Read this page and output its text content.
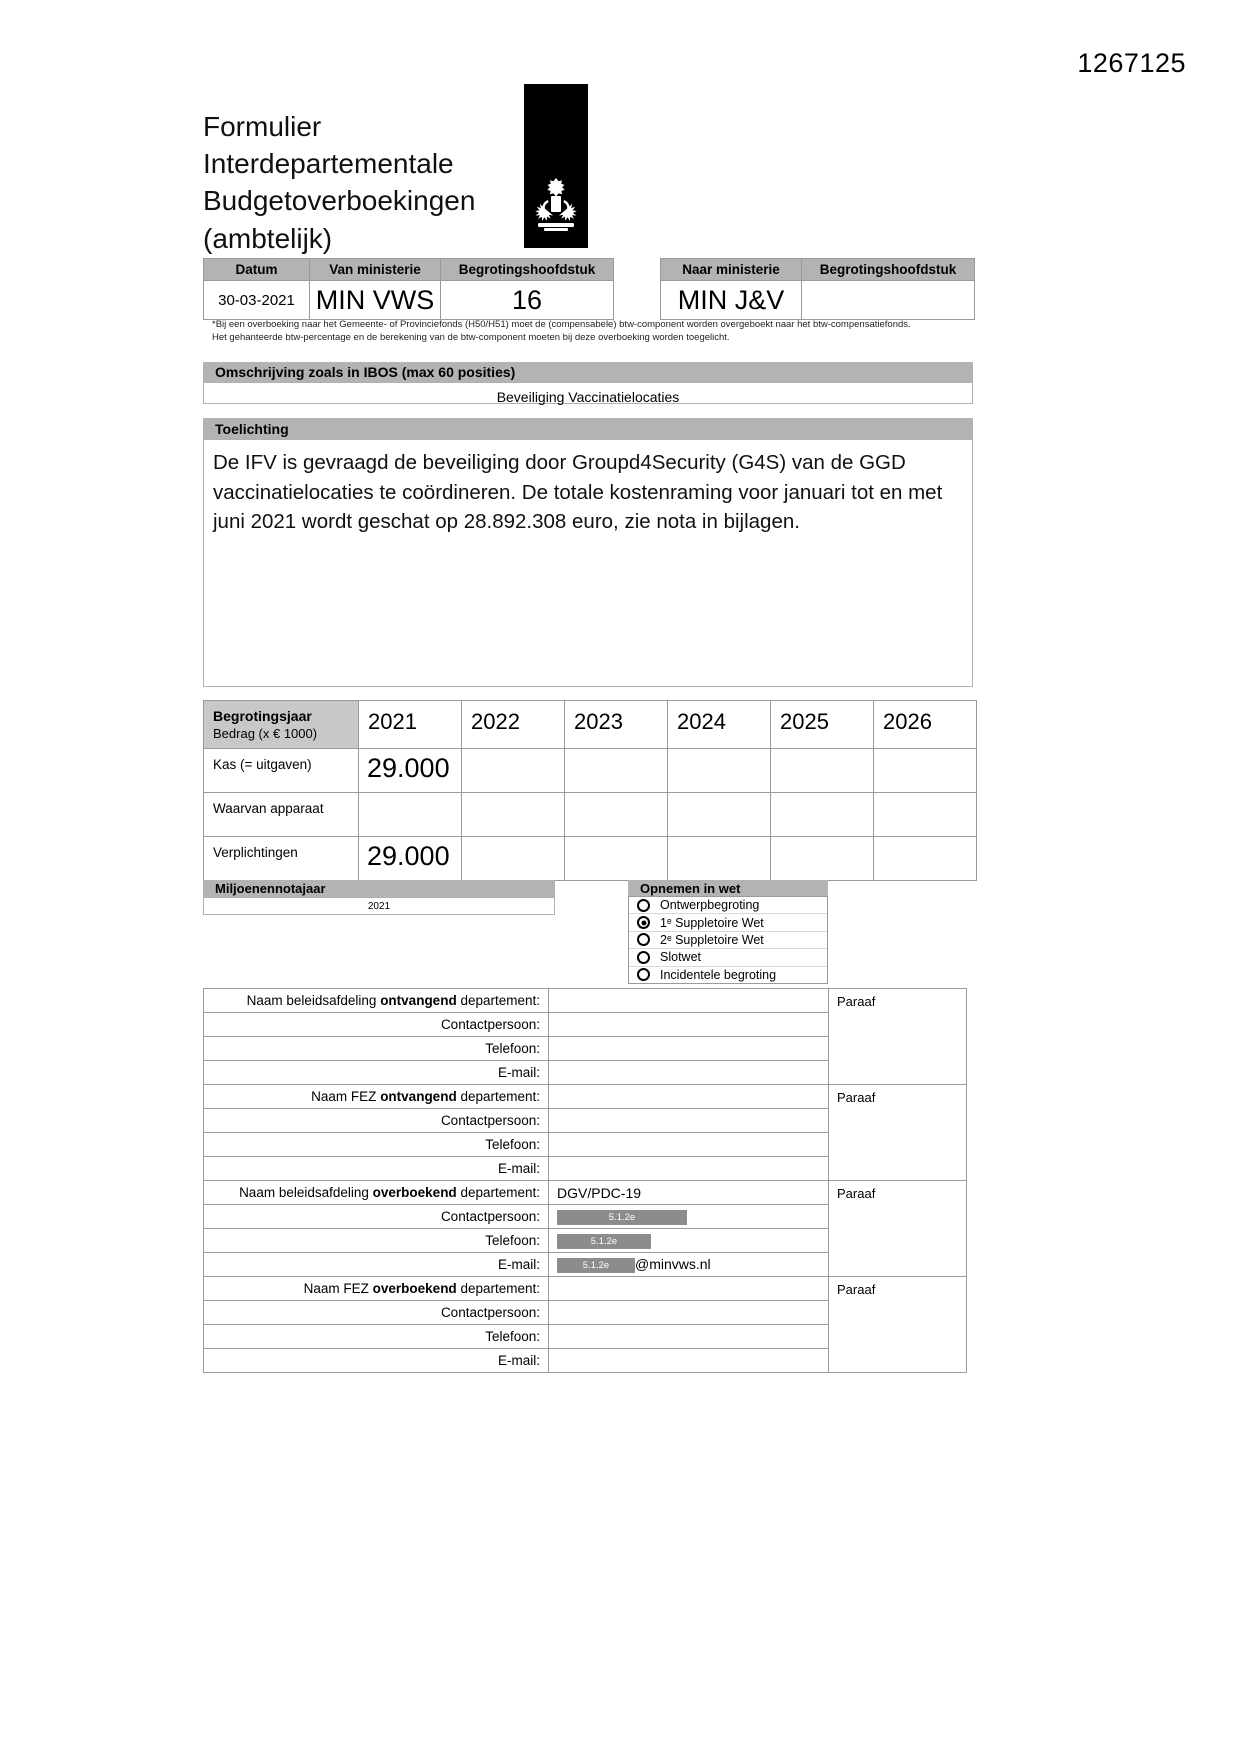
1267125
Formulier
Interdepartementale
Budgetoverboekingen
(ambtelijk)
Datum	Van ministerie	Begrotingshoofdstuk
30-03-2021	MIN VWS	16
Naar ministerie	Begrotingshoofdstuk
MIN J&V	
*Bij een overboeking naar het Gemeente- of Provinciefonds (H50/H51) moet de (compensabele) btw-component worden overgeboekt naar het btw-compensatiefonds. Het gehanteerde btw-percentage en de berekening van de btw-component moeten bij deze overboeking worden toegelicht.
Omschrijving zoals in IBOS (max 60 posities)
Beveiliging Vaccinatielocaties
Toelichting
De IFV is gevraagd de beveiliging door Groupd4Security (G4S) van de GGD vaccinatielocaties te coördineren. De totale kostenraming voor januari tot en met juni 2021 wordt geschat op 28.892.308 euro, zie nota in bijlagen.
Begrotingsjaar
Bedrag (x € 1000)	2021	2022	2023	2024	2025	2026
Kas (= uitgaven)	29.000					
Waarvan apparaat						
Verplichtingen	29.000					
Miljoenennotajaar
2021
Opnemen in wet
Ontwerpbegroting
1ᵉ Suppletoire Wet
2ᵉ Suppletoire Wet
Slotwet
Incidentele begroting
Naam beleidsafdeling ontvangend departement:		Paraaf
Contactpersoon:		
Telefoon:		
E-mail:		
Naam FEZ ontvangend departement:		Paraaf
Contactpersoon:		
Telefoon:		
E-mail:		
Naam beleidsafdeling overboekend departement:	DGV/PDC-19	Paraaf
Contactpersoon:	5.1.2e	
Telefoon:	5.1.2e	
E-mail:	5.1.2e @minvws.nl	
Naam FEZ overboekend departement:		Paraaf
Contactpersoon:		
Telefoon:		
E-mail:		
